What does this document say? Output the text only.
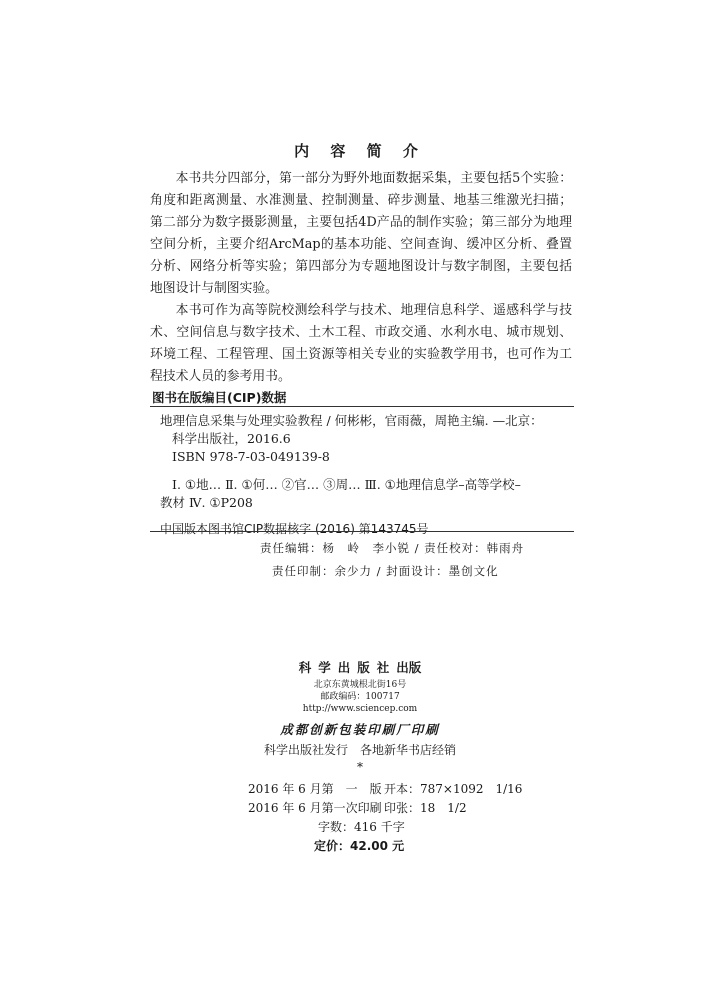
内 容 简 介

本书共分四部分，第一部分为野外地面数据采集，主要包括5个实验：角度和距离测量、水准测量、控制测量、碎步测量、地基三维激光扫描；第二部分为数字摄影测量，主要包括4D产品的制作实验；第三部分为地理空间分析，主要介绍ArcMap的基本功能、空间查询、缓冲区分析、叠置分析、网络分析等实验；第四部分为专题地图设计与数字制图，主要包括地图设计与制图实验。

本书可作为高等院校测绘科学与技术、地理信息科学、遥感科学与技术、空间信息与数字技术、土木工程、市政交通、水利水电、城市规划、环境工程、工程管理、国土资源等相关专业的实验教学用书，也可作为工程技术人员的参考用书。

图书在版编目(CIP)数据
地理信息采集与处理实验教程 / 何彬彬，官雨薇，周艳主编. —北京：
科学出版社，2016.6
ISBN 978-7-03-049139-8
Ⅰ. ①地… Ⅱ. ①何… ②官… ③周… Ⅲ. ①地理信息学–高等学校–
教材 Ⅳ. ①P208
中国版本图书馆CIP数据核字 (2016) 第143745号
责任编辑：杨　岭　李小锐 / 责任校对：韩雨舟
责任印制：余少力 / 封面设计：墨创文化
科学出版社出版
北京东黄城根北街16号
邮政编码：100717
http://www.sciencep.com
成都创新包装印刷厂印刷
科学出版社发行　各地新华书店经销
*
2016 年 6 月第　一　版 开本：787×1092　1/16
2016 年 6 月第一次印刷 印张：18　1/2
字数：416 千字
定价：42.00 元
